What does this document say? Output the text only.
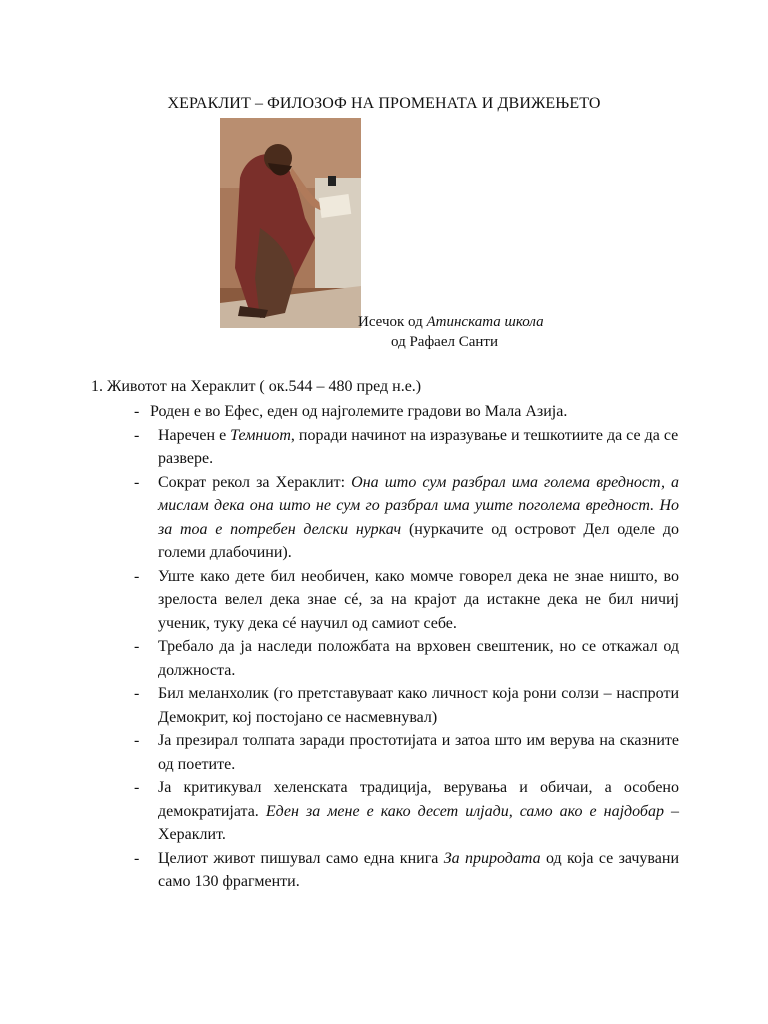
ХЕРАКЛИТ – ФИЛОЗОФ НА ПРОМЕНАТА И ДВИЖЕЊЕТО
Исечок од Атинската школа
од Рафаел Санти
1. Животот на Хераклит ( ок.544 – 480 пред н.е.)
- Роден е во Ефес, еден од најголемите градови во Мала Азија.
-	Наречен е Темниот, поради начинот на изразување и тешкотиите да се да се развере.
- Сократ рекол за Хераклит: Она што сум разбрал има голема вредност, а мислам дека она што не сум го разбрал има уште поголема вредност. Но за тоа е потребен делски нуркач (нуркачите од островот Дел оделе до големи длабочини).
- Уште како дете бил необичен, како момче говорел дека не знае ништо, во зрелоста велел дека знае сé, за на крајот да истакне дека не бил ничиј ученик, туку дека сé научил од самиот себе.
- Требало да ја наследи положбата на врховен свештеник, но се откажал од должноста.
- Бил меланхолик (го претставуваат како личност која рони солзи – наспроти Демокрит, кој постојано се насмевнувал)
- Ја презирал толпата заради простотијата и затоа што им верува на сказните од поетите.
- Ја критикувал хеленската традиција, верувања и обичаи, а особено демократијата. Еден за мене е како десет илјади, само ако е најдобар – Хераклит.
- Целиот живот пишувал само една книга За природата од која се зачувани само 130 фрагменти.
